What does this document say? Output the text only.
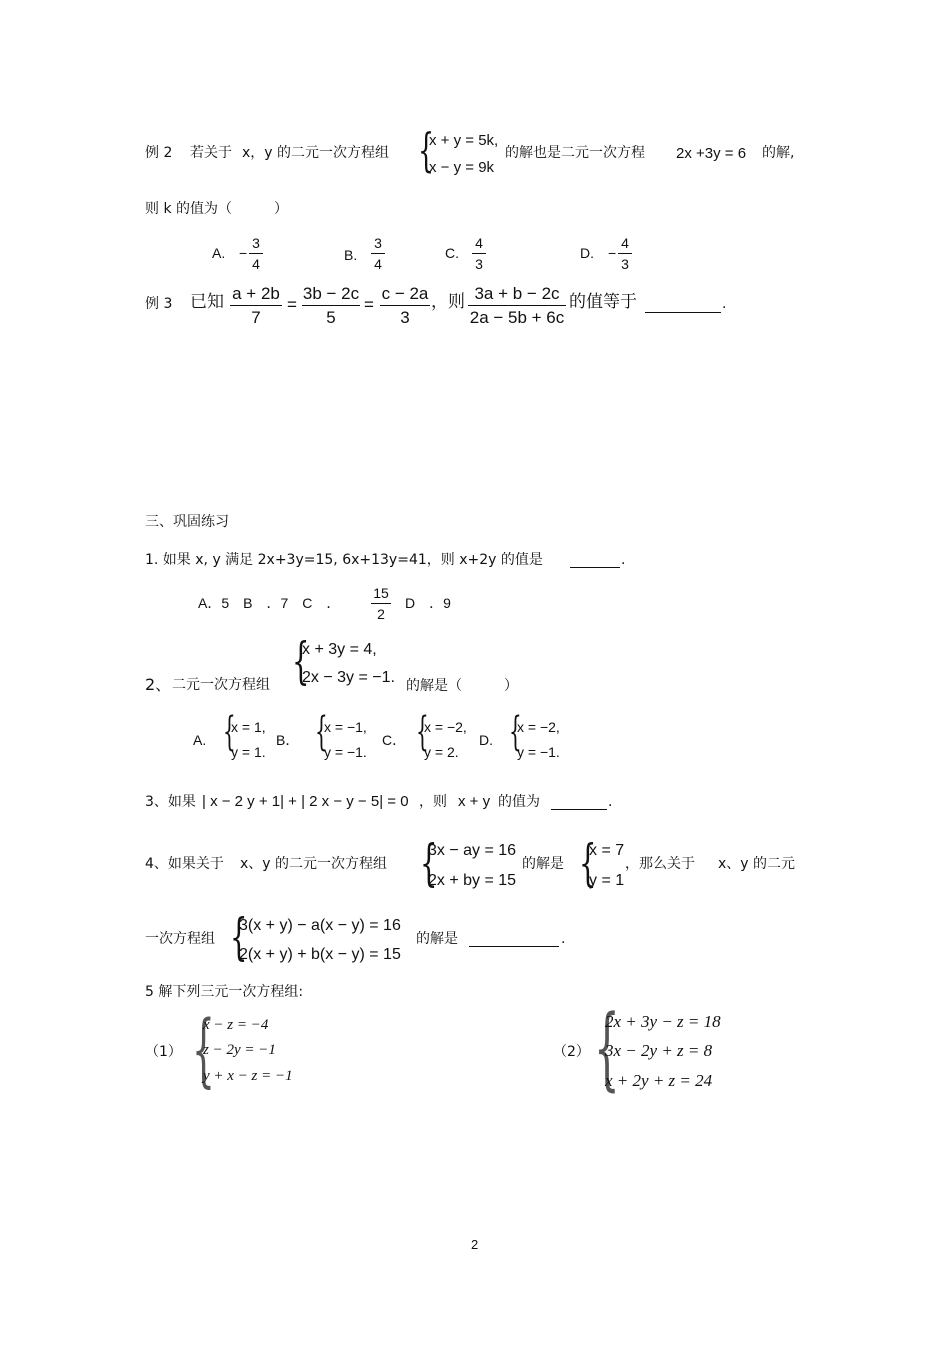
例 2 若关于 x，y 的二元一次方程组 {
x + y = 5k,
x − y = 9k
的解也是二元一次方程 2x +3y = 6 的解,
则 k 的值为（　　　）
A. −
3
4
B.
3
4
C.
4
3
D. −
4
3
例 3 已知 a + 2b
7
=
3b − 2c
5
=
c − 2a
3
，则 3a + b − 2c
2a − 5b + 6c
的值等于	.
三、巩固练习
1. 如果 x, y 满足 2x+3y=15, 6x+13y=41，则 x+2y 的值是	.
A．5　B　．7　C　．
15
2
D　．9
2、 二元一次方程组 {
x + 3y = 4,
2x − 3y = −1. 的解是（　　　）
A. {
x = 1,
y = 1.
B． {
x = −1,
y = −1.
C． {
x = −2,
y = 2.
D. {
x = −2,
y = −1.
3、如果 | x − 2 y + 1| + | 2 x − y − 5| = 0 ，则 x + y 的值为	.
4、如果关于 x、y 的二元一次方程组 {
3x − ay = 16
2x + by = 15
的解是 {
x = 7
y = 1
，那么关于 x、y 的二元
一次方程组 {
3(x + y) − a(x − y) = 16
2(x + y) + b(x − y) = 15
的解是	.
5 解下列三元一次方程组:
（1） {
x − z = −4
z − 2y = −1
y + x − z = −1
（2） {
2x + 3y − z = 18
3x − 2y + z = 8
x + 2y + z = 24
2
